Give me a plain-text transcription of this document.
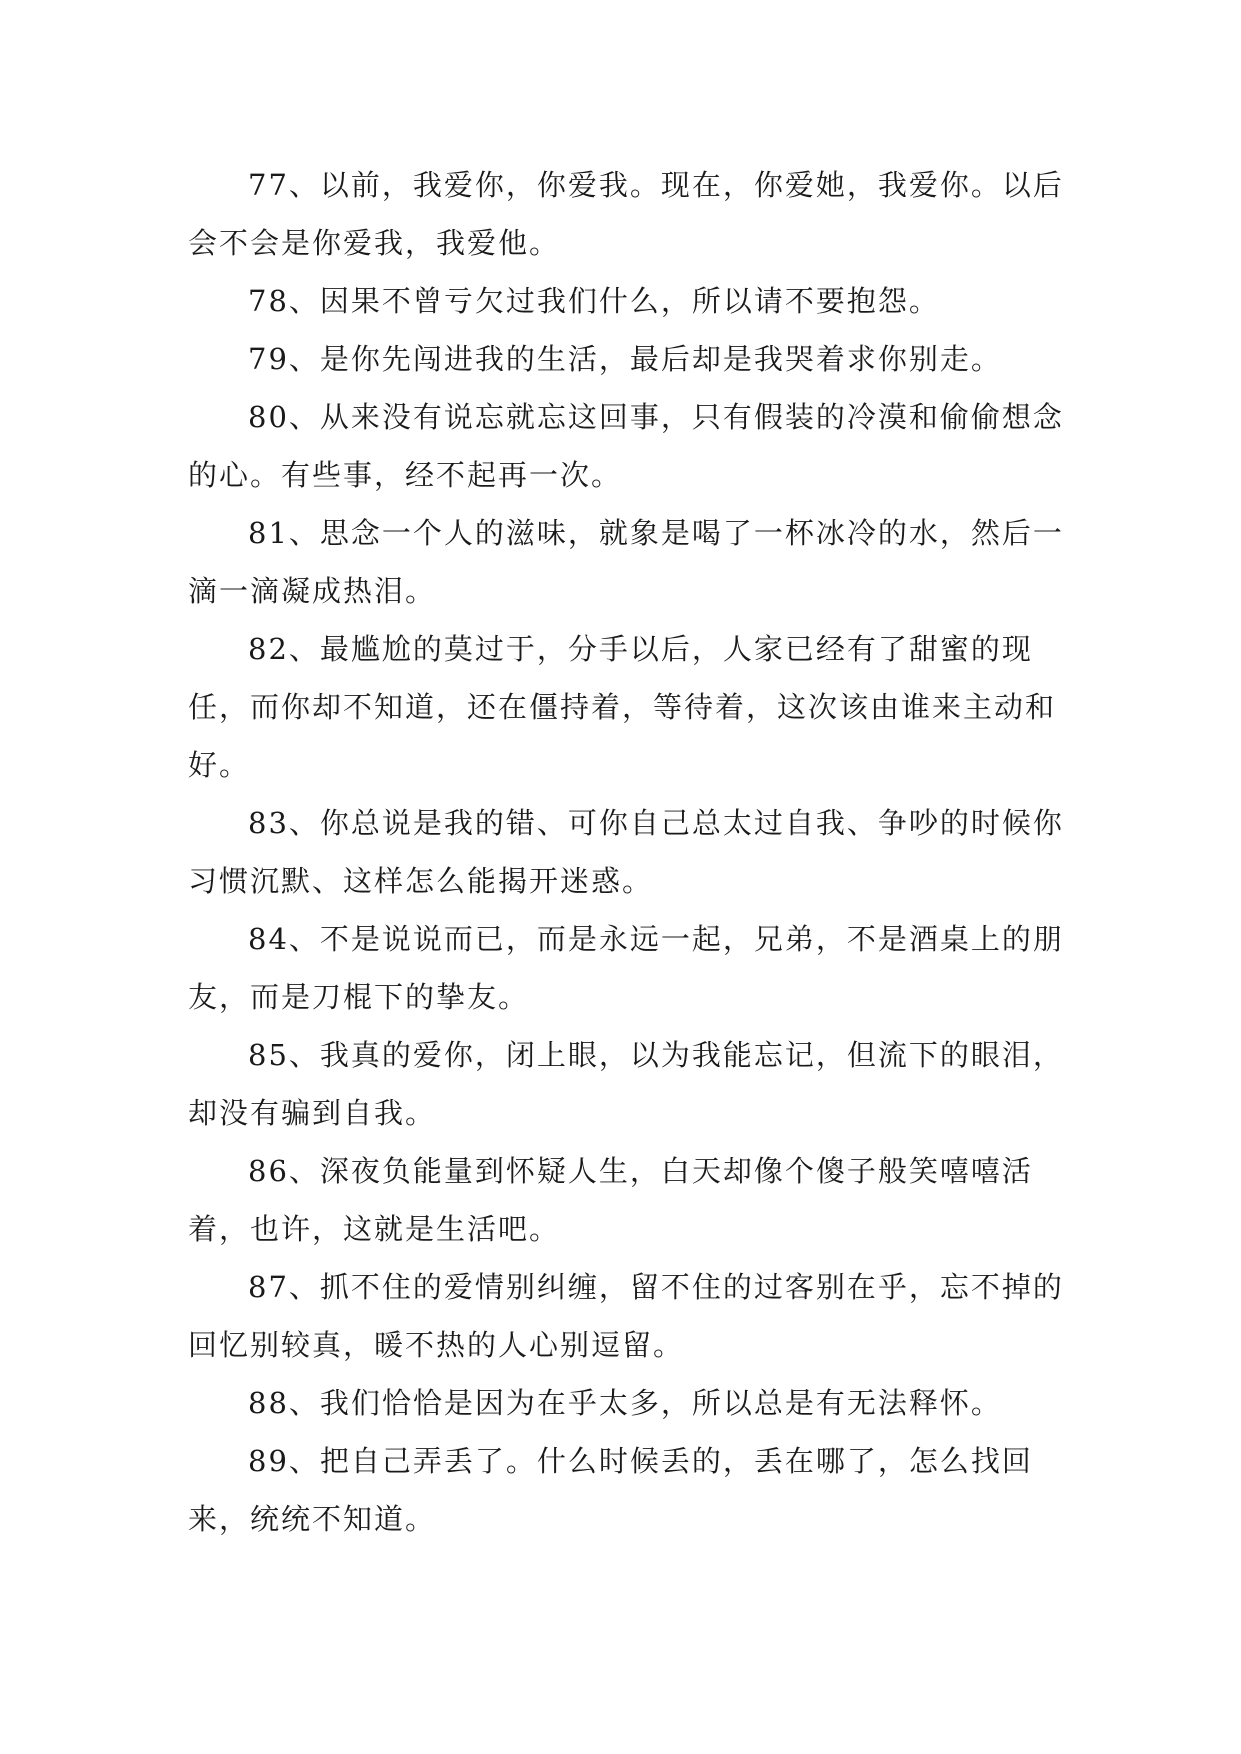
77、以前，我爱你，你爱我。现在，你爱她，我爱你。以后会不会是你爱我，我爱他。

78、因果不曾亏欠过我们什么，所以请不要抱怨。

79、是你先闯进我的生活，最后却是我哭着求你别走。

80、从来没有说忘就忘这回事，只有假装的冷漠和偷偷想念的心。有些事，经不起再一次。

81、思念一个人的滋味，就象是喝了一杯冰冷的水，然后一滴一滴凝成热泪。

82、最尴尬的莫过于，分手以后，人家已经有了甜蜜的现任，而你却不知道，还在僵持着，等待着，这次该由谁来主动和好。

83、你总说是我的错、可你自己总太过自我、争吵的时候你习惯沉默、这样怎么能揭开迷惑。

84、不是说说而已，而是永远一起，兄弟，不是酒桌上的朋友，而是刀棍下的挚友。

85、我真的爱你，闭上眼，以为我能忘记，但流下的眼泪，却没有骗到自我。

86、深夜负能量到怀疑人生，白天却像个傻子般笑嘻嘻活着，也许，这就是生活吧。

87、抓不住的爱情别纠缠，留不住的过客别在乎，忘不掉的回忆别较真，暖不热的人心别逗留。

88、我们恰恰是因为在乎太多，所以总是有无法释怀。

89、把自己弄丢了。什么时候丢的，丢在哪了，怎么找回来，统统不知道。
